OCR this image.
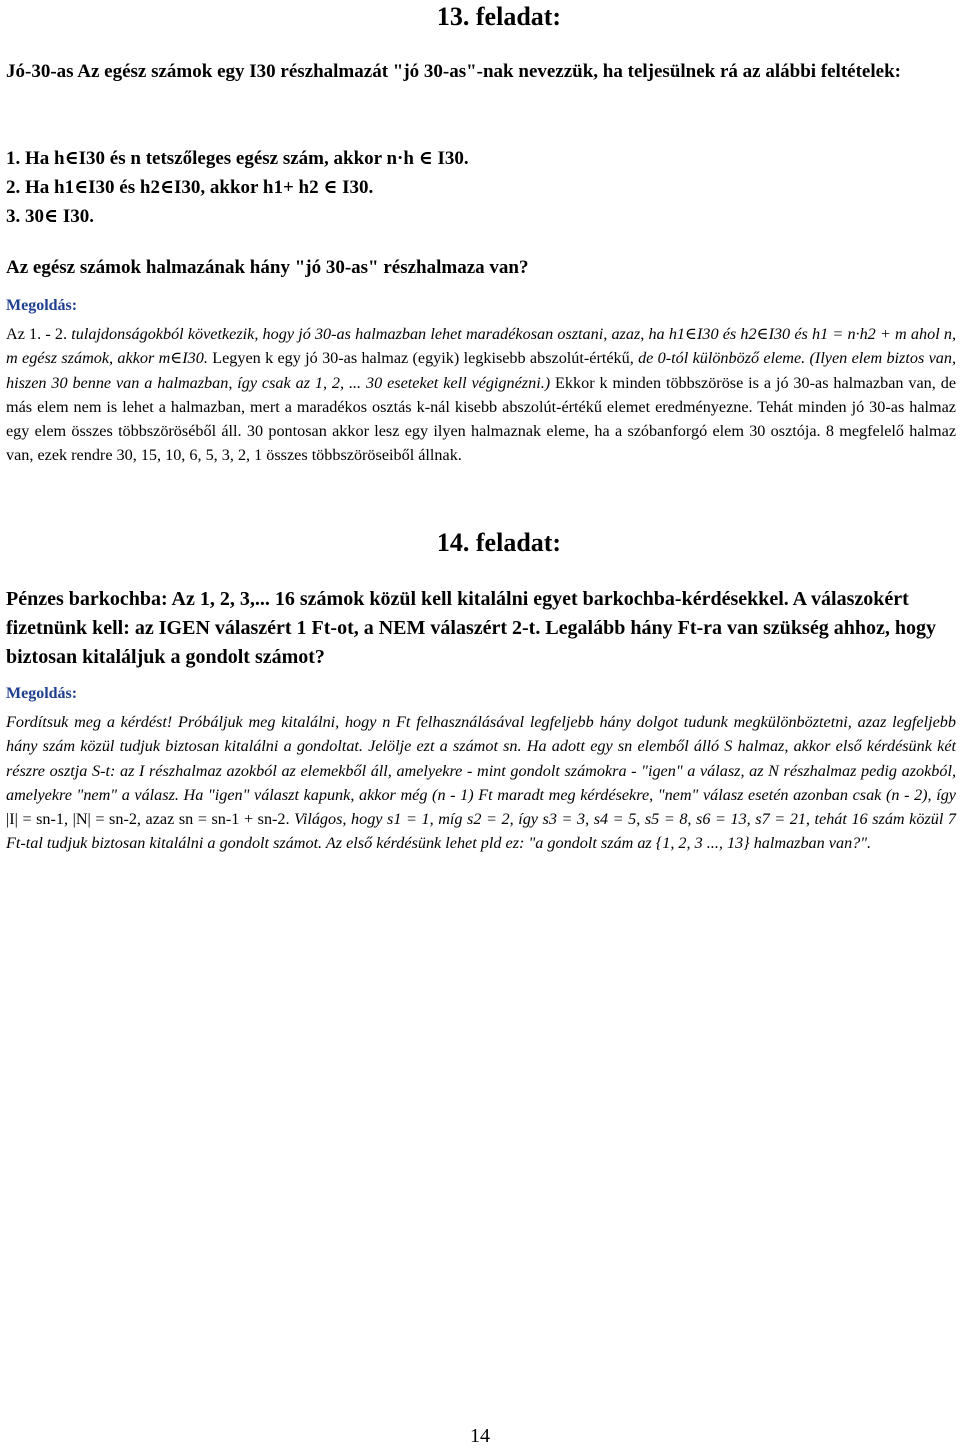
13. feladat:

Jó-30-as Az egész számok egy I30 részhalmazát "jó 30-as"-nak nevezzük, ha teljesülnek rá az alábbi feltételek:

1. Ha h∈I30 és n tetszőleges egész szám, akkor n·h ∈ I30.
2. Ha h1∈I30 és h2∈I30, akkor h1+ h2 ∈ I30.
3. 30∈ I30.

Az egész számok halmazának hány "jó 30-as" részhalmaza van?

Megoldás:

Az 1. - 2. tulajdonságokból következik, hogy jó 30-as halmazban lehet maradékosan osztani, azaz, ha h1∈I30 és h2∈I30 és h1 = n·h2 + m ahol n, m egész számok, akkor m∈I30. Legyen k egy jó 30-as halmaz (egyik) legkisebb abszolút-értékű, de 0-tól különböző eleme. (Ilyen elem biztos van, hiszen 30 benne van a halmazban, így csak az 1, 2, ... 30 eseteket kell végignézni.) Ekkor k minden többszöröse is a jó 30-as halmazban van, de más elem nem is lehet a halmazban, mert a maradékos osztás k-nál kisebb abszolút-értékű elemet eredményezne. Tehát minden jó 30-as halmaz egy elem összes többszöröséből áll. 30 pontosan akkor lesz egy ilyen halmaznak eleme, ha a szóbanforgó elem 30 osztója. 8 megfelelő halmaz van, ezek rendre 30, 15, 10, 6, 5, 3, 2, 1 összes többszöröseiből állnak.

14. feladat:

Pénzes barkochba: Az 1, 2, 3,... 16 számok közül kell kitalálni egyet barkochba-kérdésekkel. A válaszokért fizetnünk kell: az IGEN válaszért 1 Ft-ot, a NEM válaszért 2-t. Legalább hány Ft-ra van szükség ahhoz, hogy biztosan kitaláljuk a gondolt számot?

Megoldás:

Fordítsuk meg a kérdést! Próbáljuk meg kitalálni, hogy n Ft felhasználásával legfeljebb hány dolgot tudunk megkülönböztetni, azaz legfeljebb hány szám közül tudjuk biztosan kitalálni a gondoltat. Jelölje ezt a számot sn. Ha adott egy sn elemből álló S halmaz, akkor első kérdésünk két részre osztja S-t: az I részhalmaz azokból az elemekből áll, amelyekre - mint gondolt számokra - "igen" a válasz, az N részhalmaz pedig azokból, amelyekre "nem" a válasz. Ha "igen" választ kapunk, akkor még (n - 1) Ft maradt meg kérdésekre, "nem" válasz esetén azonban csak (n - 2), így |I| = sn-1, |N| = sn-2, azaz sn = sn-1 + sn-2. Világos, hogy s1 = 1, míg s2 = 2, így s3 = 3, s4 = 5, s5 = 8, s6 = 13, s7 = 21, tehát 16 szám közül 7 Ft-tal tudjuk biztosan kitalálni a gondolt számot. Az első kérdésünk lehet pld ez: "a gondolt szám az {1, 2, 3 ..., 13} halmazban van?".

14
